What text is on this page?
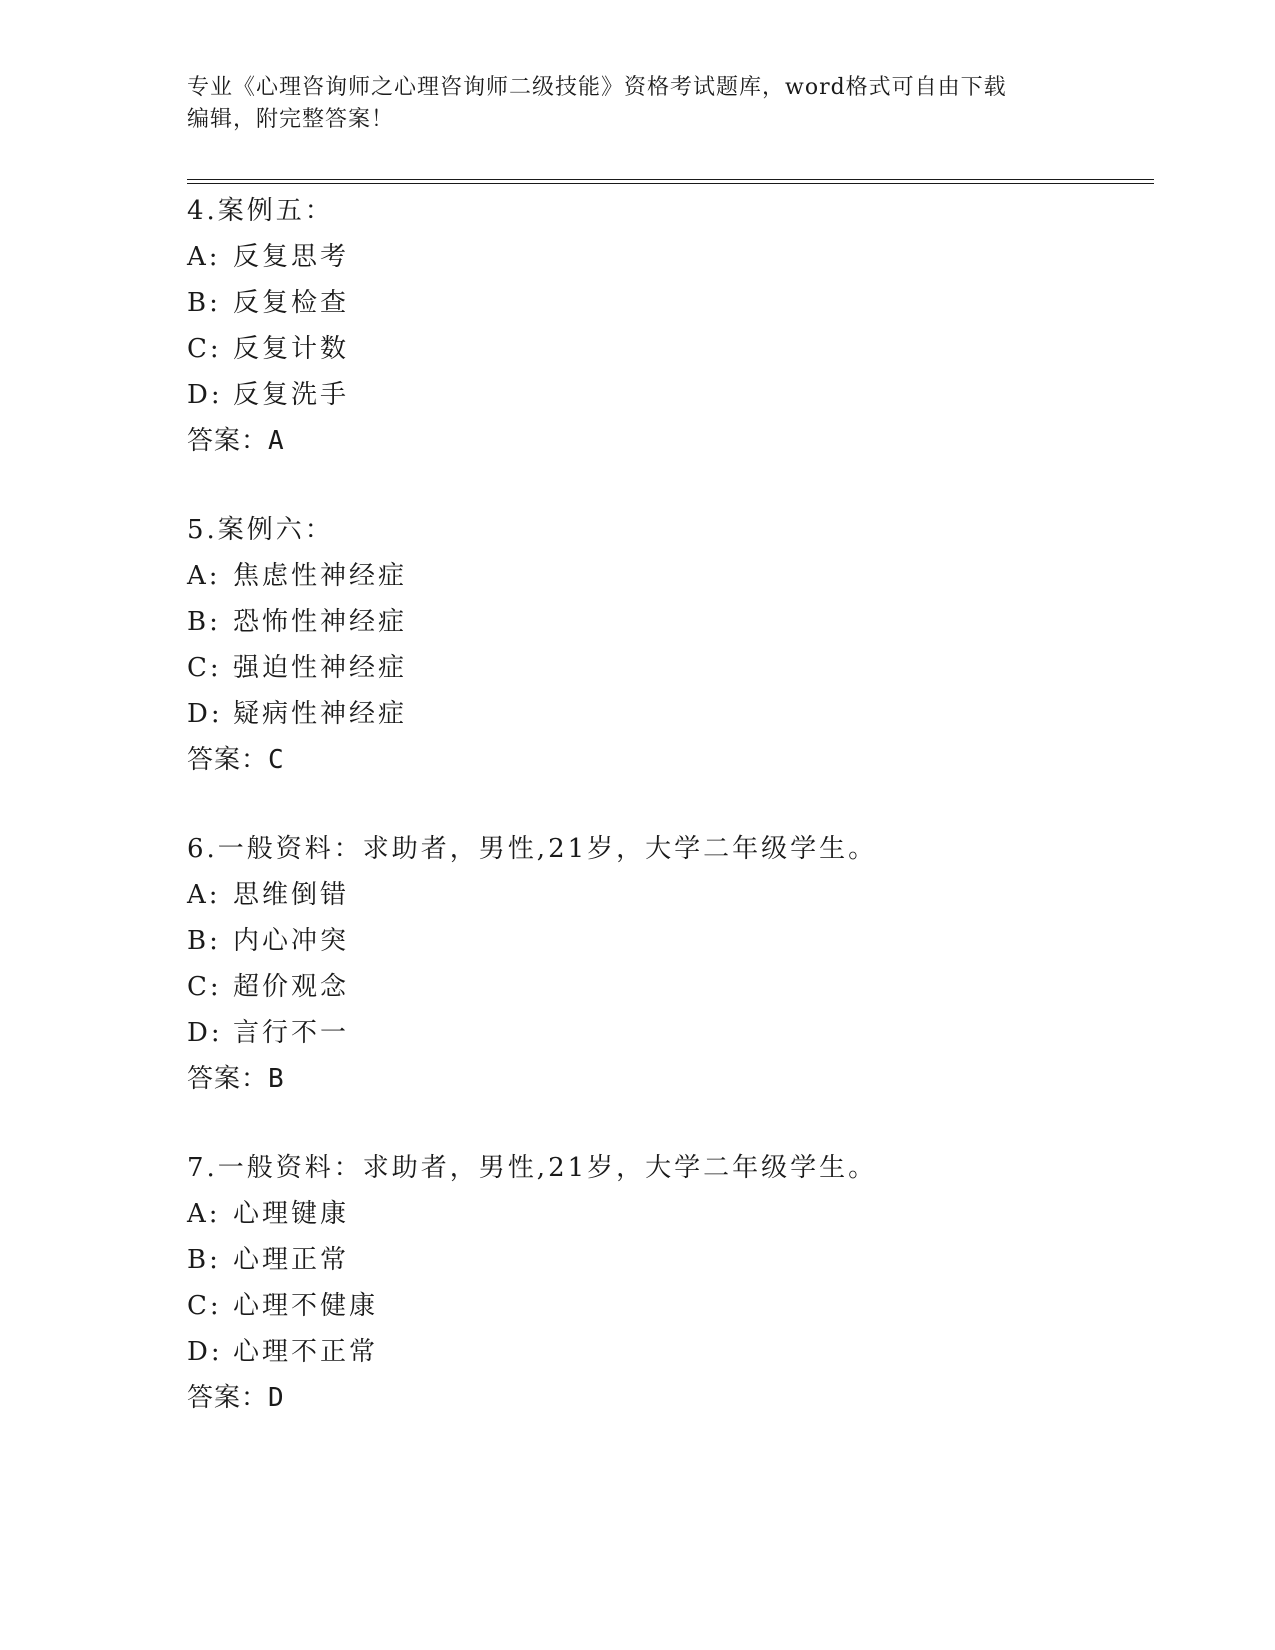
专业《心理咨询师之心理咨询师二级技能》资格考试题库，word格式可自由下载
编辑，附完整答案！
4.案例五：
A: 反复思考
B: 反复检查
C: 反复计数
D: 反复洗手
答案：A
5.案例六：
A: 焦虑性神经症
B: 恐怖性神经症
C: 强迫性神经症
D: 疑病性神经症
答案：C
6.一般资料：求助者，男性,21岁，大学二年级学生。
A: 思维倒错
B: 内心冲突
C: 超价观念
D: 言行不一
答案：B
7.一般资料：求助者，男性,21岁，大学二年级学生。
A: 心理键康
B: 心理正常
C: 心理不健康
D: 心理不正常
答案：D
